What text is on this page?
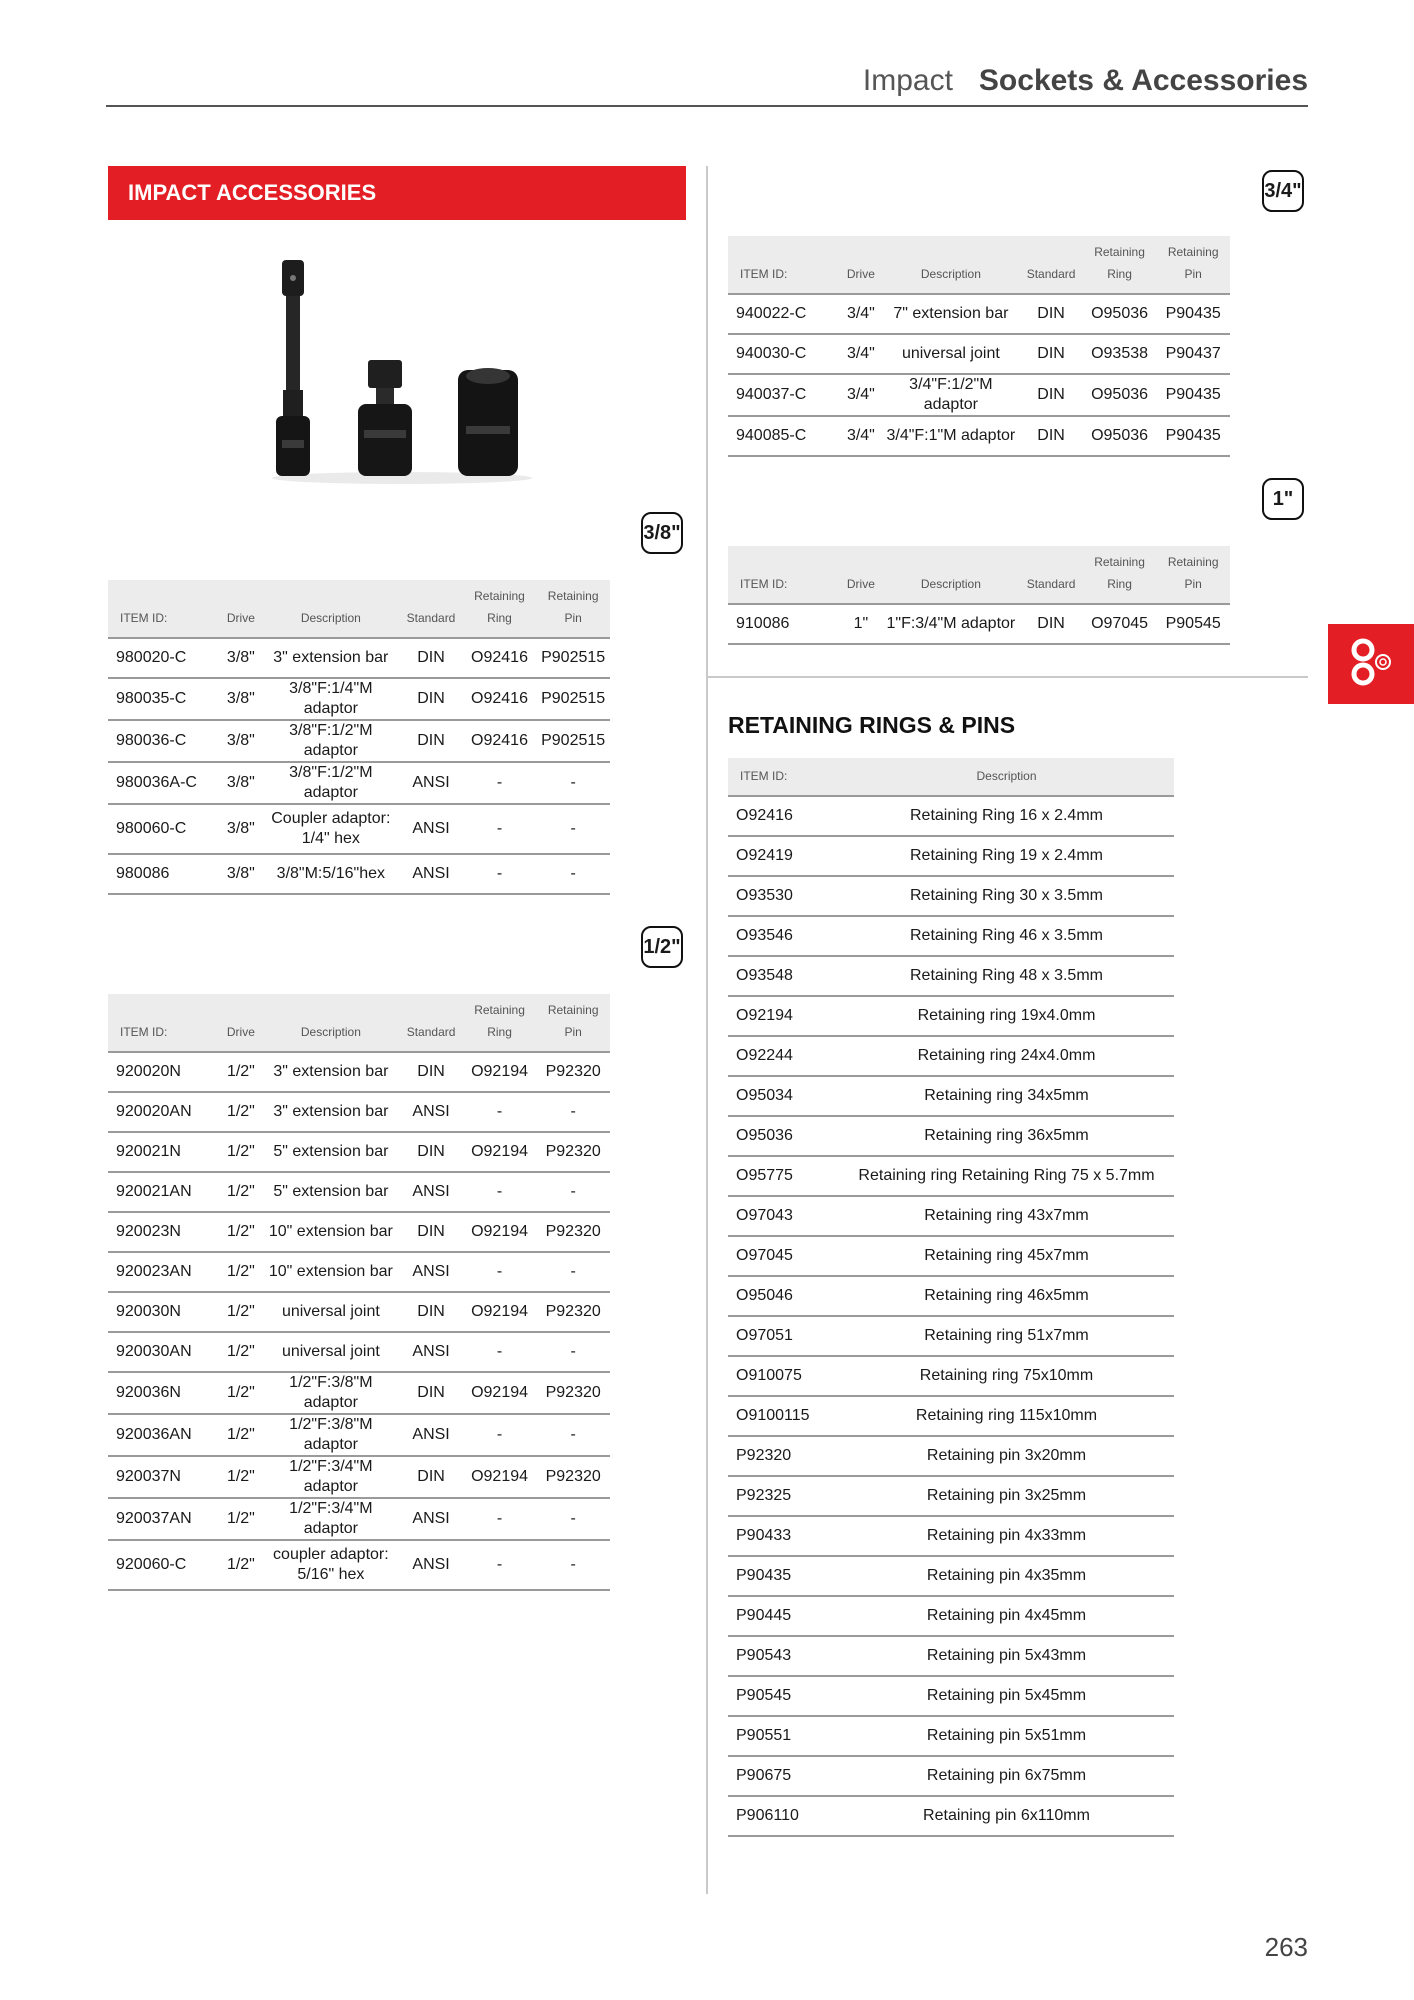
Impact Sockets & Accessories
IMPACT ACCESSORIES
3/8"
1/2"
3/4"
1"
ITEM ID:	Drive	Description	Standard	Retaining Ring	Retaining Pin
980020-C	3/8"	3" extension bar	DIN	O92416	P902515
980035-C	3/8"	3/8"F:1/4"M adaptor	DIN	O92416	P902515
980036-C	3/8"	3/8"F:1/2"M adaptor	DIN	O92416	P902515
980036A-C	3/8"	3/8"F:1/2"M adaptor	ANSI	-	-
980060-C	3/8"	Coupler adaptor: 1/4" hex	ANSI	-	-
980086	3/8"	3/8"M:5/16"hex	ANSI	-	-
ITEM ID:	Drive	Description	Standard	Retaining Ring	Retaining Pin
920020N	1/2"	3" extension bar	DIN	O92194	P92320
920020AN	1/2"	3" extension bar	ANSI	-	-
920021N	1/2"	5" extension bar	DIN	O92194	P92320
920021AN	1/2"	5" extension bar	ANSI	-	-
920023N	1/2"	10" extension bar	DIN	O92194	P92320
920023AN	1/2"	10" extension bar	ANSI	-	-
920030N	1/2"	universal joint	DIN	O92194	P92320
920030AN	1/2"	universal joint	ANSI	-	-
920036N	1/2"	1/2"F:3/8"M adaptor	DIN	O92194	P92320
920036AN	1/2"	1/2"F:3/8"M adaptor	ANSI	-	-
920037N	1/2"	1/2"F:3/4"M adaptor	DIN	O92194	P92320
920037AN	1/2"	1/2"F:3/4"M adaptor	ANSI	-	-
920060-C	1/2"	coupler adaptor: 5/16" hex	ANSI	-	-
ITEM ID:	Drive	Description	Standard	Retaining Ring	Retaining Pin
940022-C	3/4"	7" extension bar	DIN	O95036	P90435
940030-C	3/4"	universal joint	DIN	O93538	P90437
940037-C	3/4"	3/4"F:1/2"M adaptor	DIN	O95036	P90435
940085-C	3/4"	3/4"F:1"M adaptor	DIN	O95036	P90435
ITEM ID:	Drive	Description	Standard	Retaining Ring	Retaining Pin
910086	1"	1"F:3/4"M adaptor	DIN	O97045	P90545
RETAINING RINGS & PINS
ITEM ID:	Description
O92416	Retaining Ring 16 x 2.4mm
O92419	Retaining Ring 19 x 2.4mm
O93530	Retaining Ring 30 x 3.5mm
O93546	Retaining Ring 46 x 3.5mm
O93548	Retaining Ring 48 x 3.5mm
O92194	Retaining ring 19x4.0mm
O92244	Retaining ring 24x4.0mm
O95034	Retaining ring 34x5mm
O95036	Retaining ring 36x5mm
O95775	Retaining ring Retaining Ring 75 x 5.7mm
O97043	Retaining ring 43x7mm
O97045	Retaining ring 45x7mm
O95046	Retaining ring 46x5mm
O97051	Retaining ring 51x7mm
O910075	Retaining ring 75x10mm
O9100115	Retaining ring 115x10mm
P92320	Retaining pin 3x20mm
P92325	Retaining pin 3x25mm
P90433	Retaining pin 4x33mm
P90435	Retaining pin 4x35mm
P90445	Retaining pin 4x45mm
P90543	Retaining pin 5x43mm
P90545	Retaining pin 5x45mm
P90551	Retaining pin 5x51mm
P90675	Retaining pin 6x75mm
P906110	Retaining pin 6x110mm
263
